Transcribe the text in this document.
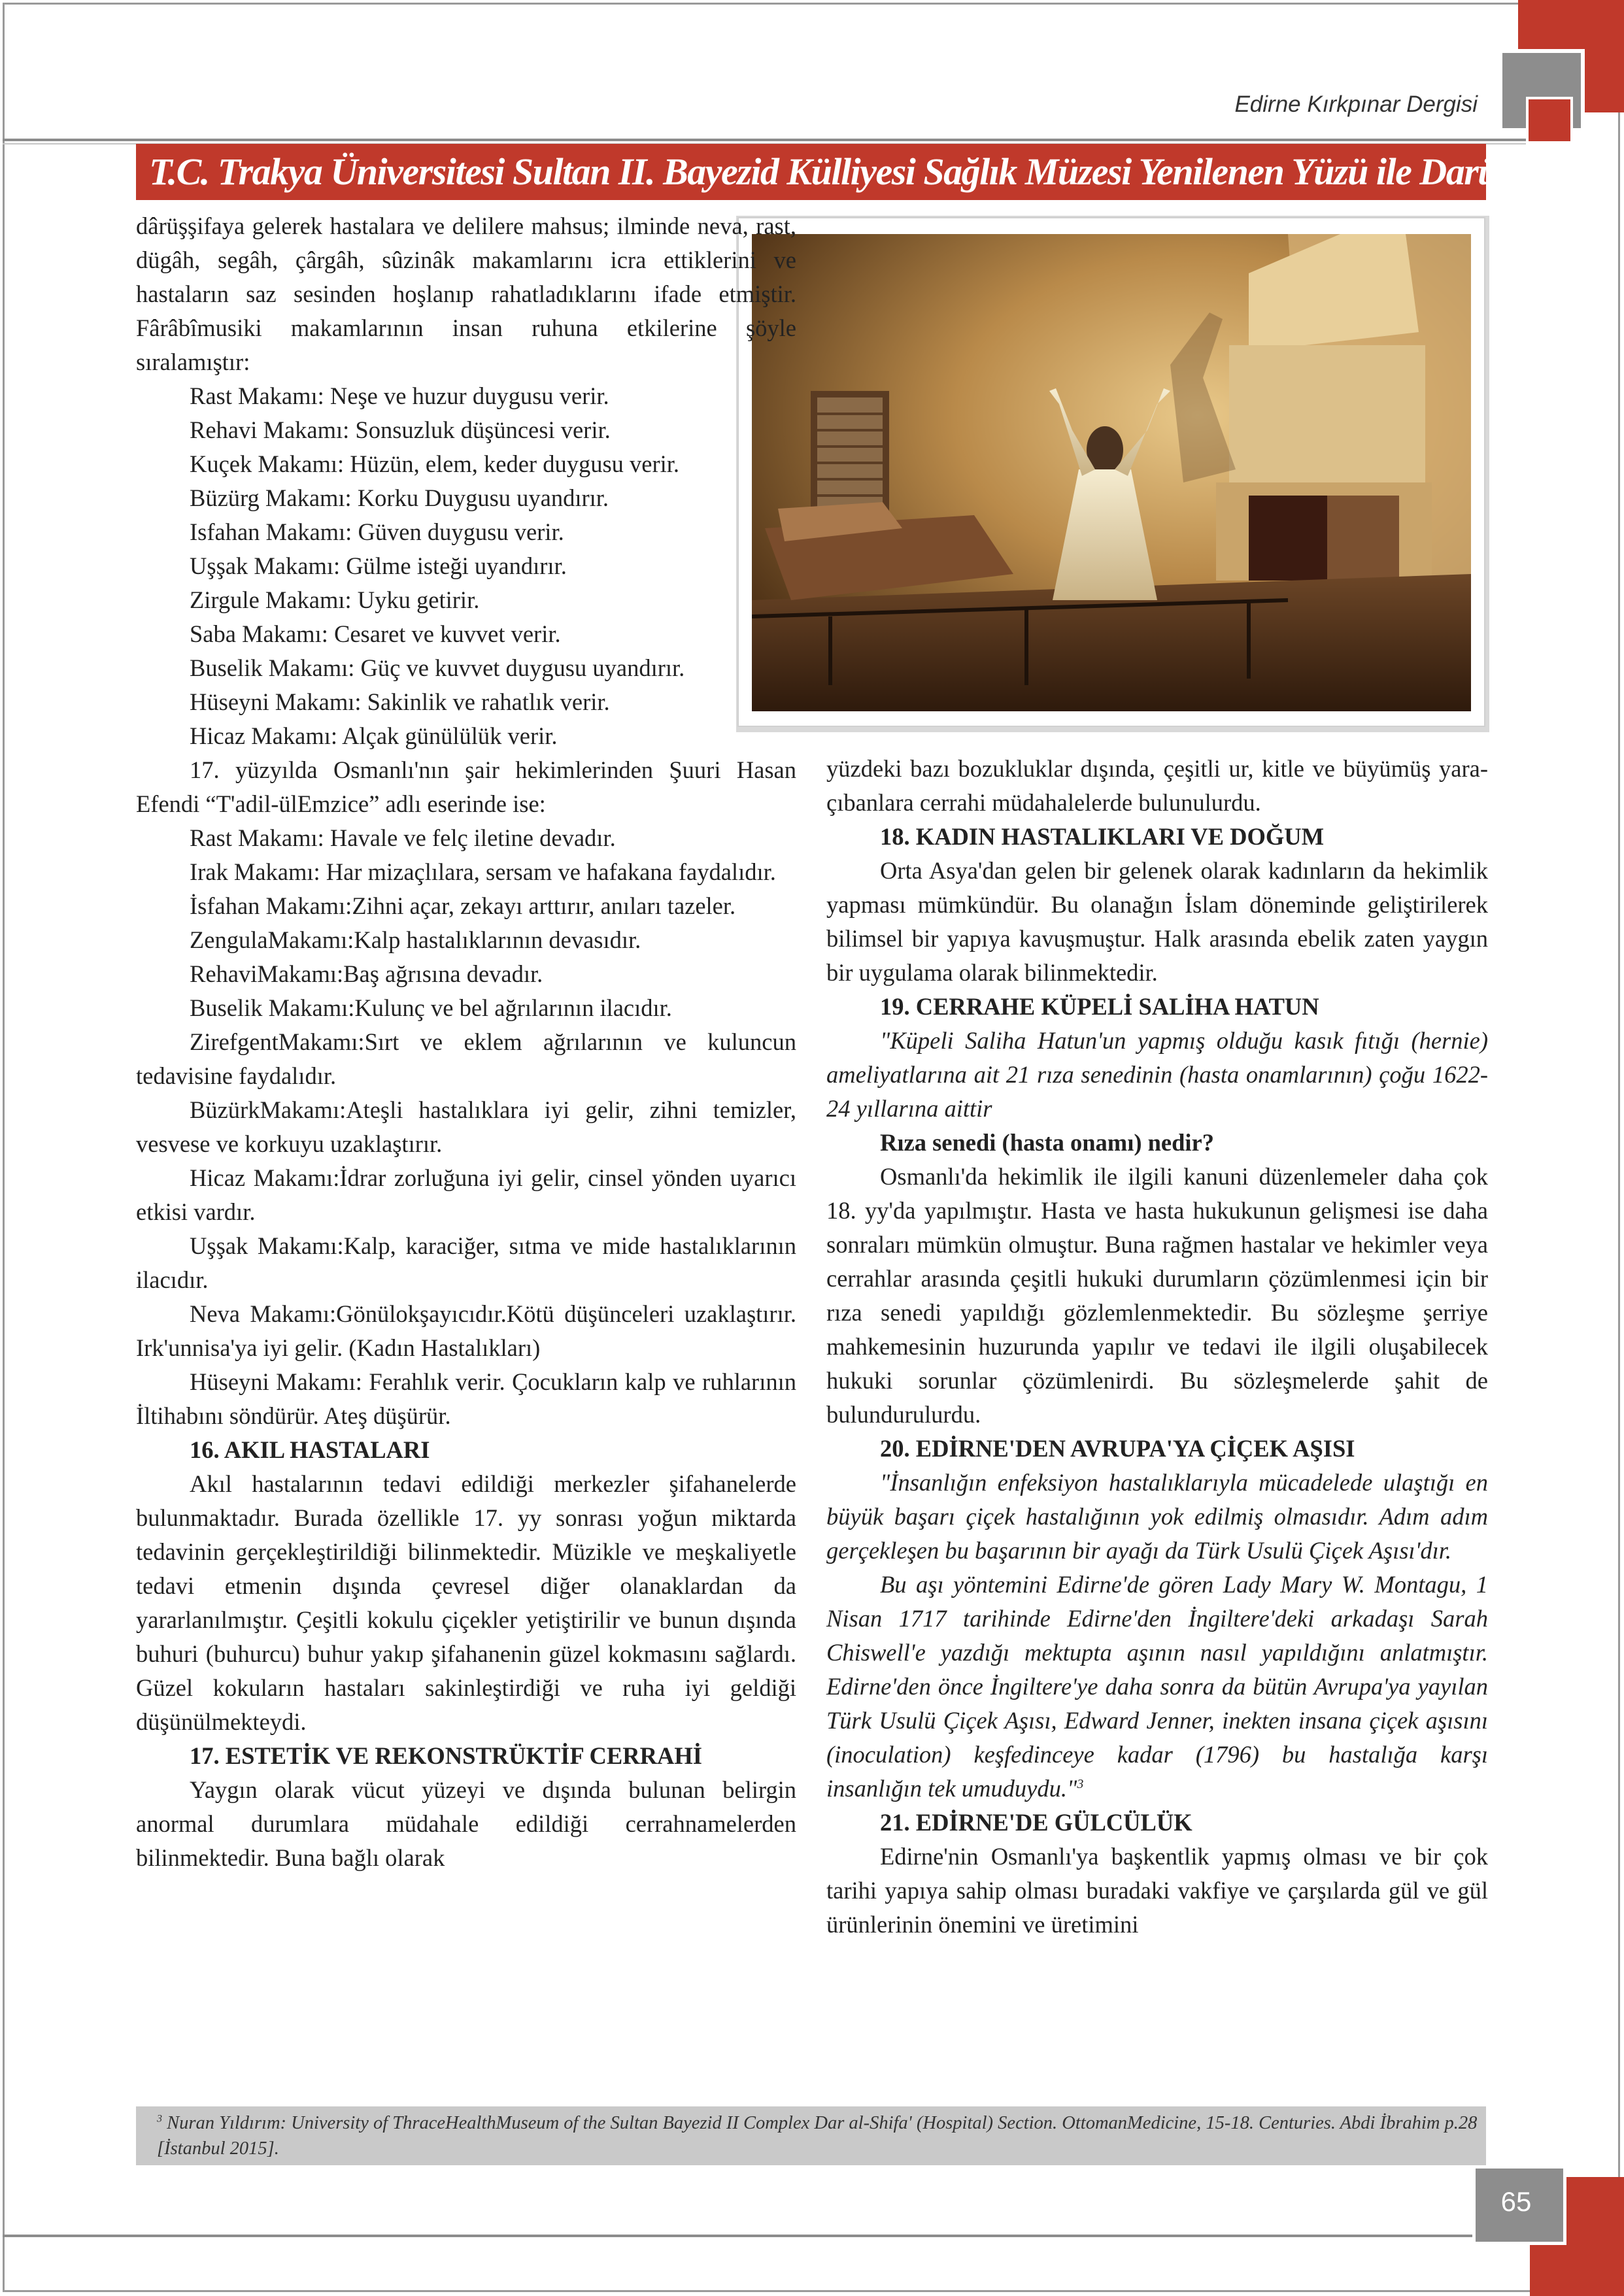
65
Edirne Kırkpınar Dergisi
T.C. Trakya Üniversitesi Sultan II. Bayezid Külliyesi Sağlık Müzesi Yenilenen Yüzü ile Darüşşifa

dârüşşifaya gelerek hastalara ve delilere mahsus; ilminde neva, rast, dügâh, segâh, çârgâh, sûzinâk makamlarını icra ettiklerini ve hastaların saz sesinden hoşlanıp rahatladıklarını ifade etmiştir. Fârâbîmusiki makamlarının insan ruhuna etkilerine şöyle sıralamıştır:

Rast Makamı: Neşe ve huzur duygusu verir.

Rehavi Makamı: Sonsuzluk düşüncesi verir.

Kuçek Makamı: Hüzün, elem, keder duygusu verir.

Büzürg Makamı: Korku Duygusu uyandırır.

Isfahan Makamı: Güven duygusu verir.

Uşşak Makamı: Gülme isteği uyandırır.

Zirgule Makamı: Uyku getirir.

Saba Makamı: Cesaret ve kuvvet verir.

Buselik Makamı: Güç ve kuvvet duygusu uyandırır.

Hüseyni Makamı: Sakinlik ve rahatlık verir.

Hicaz Makamı: Alçak günülülük verir.

17. yüzyılda Osmanlı'nın şair hekimlerinden Şuuri Hasan Efendi “T'adil-ülEmzice” adlı eserinde ise:

Rast Makamı: Havale ve felç iletine devadır.

Irak Makamı: Har mizaçlılara, sersam ve hafakana faydalıdır.

İsfahan Makamı:Zihni açar, zekayı arttırır, anıları tazeler.

ZengulaMakamı:Kalp hastalıklarının devasıdır.

RehaviMakamı:Baş ağrısına devadır.

Buselik Makamı:Kulunç ve bel ağrılarının ilacıdır.

ZirefgentMakamı:Sırt ve eklem ağrılarının ve kuluncun tedavisine faydalıdır.

BüzürkMakamı:Ateşli hastalıklara iyi gelir, zihni temizler, vesvese ve korkuyu uzaklaştırır.

Hicaz Makamı:İdrar zorluğuna iyi gelir, cinsel yönden uyarıcı etkisi vardır.

Uşşak Makamı:Kalp, karaciğer, sıtma ve mide hastalıklarının ilacıdır.

Neva Makamı:Gönülokşayıcıdır.Kötü düşünceleri uzaklaştırır. Irk'unnisa'ya iyi gelir. (Kadın Hastalıkları)

Hüseyni Makamı: Ferahlık verir. Çocukların kalp ve ruhlarının İltihabını söndürür. Ateş düşürür.

16. AKIL HASTALARI

Akıl hastalarının tedavi edildiği merkezler şifahanelerde bulunmaktadır. Burada özellikle 17. yy sonrası yoğun miktarda tedavinin gerçekleştirildiği bilinmektedir. Müzikle ve meşkaliyetle tedavi etmenin dışında çevresel diğer olanaklardan da yararlanılmıştır. Çeşitli kokulu çiçekler yetiştirilir ve bunun dışında buhuri (buhurcu) buhur yakıp şifahanenin güzel kokmasını sağlardı. Güzel kokuların hastaları sakinleştirdiği ve ruha iyi geldiği düşünülmekteydi.

17. ESTETİK VE REKONSTRÜKTİF CERRAHİ

Yaygın olarak vücut yüzeyi ve dışında bulunan belirgin anormal durumlara müdahale edildiği cerrahnamelerden bilinmektedir. Buna bağlı olarak

yüzdeki bazı bozukluklar dışında, çeşitli ur, kitle ve büyümüş yara-çıbanlara cerrahi müdahalelerde bulunulurdu.

18. KADIN HASTALIKLARI VE DOĞUM

Orta Asya'dan gelen bir gelenek olarak kadınların da hekimlik yapması mümkündür. Bu olanağın İslam döneminde geliştirilerek bilimsel bir yapıya kavuşmuştur. Halk arasında ebelik zaten yaygın bir uygulama olarak bilinmektedir.

19. CERRAHE KÜPELİ SALİHA HATUN

"Küpeli Saliha Hatun'un yapmış olduğu kasık fıtığı (hernie) ameliyatlarına ait 21 rıza senedinin (hasta onamlarının) çoğu 1622-24 yıllarına aittir

Rıza senedi (hasta onamı) nedir?

Osmanlı'da hekimlik ile ilgili kanuni düzenlemeler daha çok 18. yy'da yapılmıştır. Hasta ve hasta hukukunun gelişmesi ise daha sonraları mümkün olmuştur. Buna rağmen hastalar ve hekimler veya cerrahlar arasında çeşitli hukuki durumların çözümlenmesi için bir rıza senedi yapıldığı gözlemlenmektedir. Bu sözleşme şerriye mahkemesinin huzurunda yapılır ve tedavi ile ilgili oluşabilecek hukuki sorunlar çözümlenirdi. Bu sözleşmelerde şahit de bulundurulurdu.

20. EDİRNE'DEN AVRUPA'YA ÇİÇEK AŞISI

"İnsanlığın enfeksiyon hastalıklarıyla mücadelede ulaştığı en büyük başarı çiçek hastalığının yok edilmiş olmasıdır. Adım adım gerçekleşen bu başarının bir ayağı da Türk Usulü Çiçek Aşısı'dır.

Bu aşı yöntemini Edirne'de gören Lady Mary W. Montagu, 1 Nisan 1717 tarihinde Edirne'den İngiltere'deki arkadaşı Sarah Chiswell'e yazdığı mektupta aşının nasıl yapıldığını anlatmıştır. Edirne'den önce İngiltere'ye daha sonra da bütün Avrupa'ya yayılan Türk Usulü Çiçek Aşısı, Edward Jenner, inekten insana çiçek aşısını (inoculation) keşfedinceye kadar (1796) bu hastalığa karşı insanlığın tek umuduydu."$^3$

21. EDİRNE'DE GÜLCÜLÜK

Edirne'nin Osmanlı'ya başkentlik yapmış olması ve bir çok tarihi yapıya sahip olması buradaki vakfiye ve çarşılarda gül ve gül ürünlerinin önemini ve üretimini

$^3$ Nuran Yıldırım: University of ThraceHealthMuseum of the Sultan Bayezid II Complex Dar al-Shifa' (Hospital) Section. OttomanMedicine, 15-18. Centuries. Abdi İbrahim p.28 [İstanbul 2015].
